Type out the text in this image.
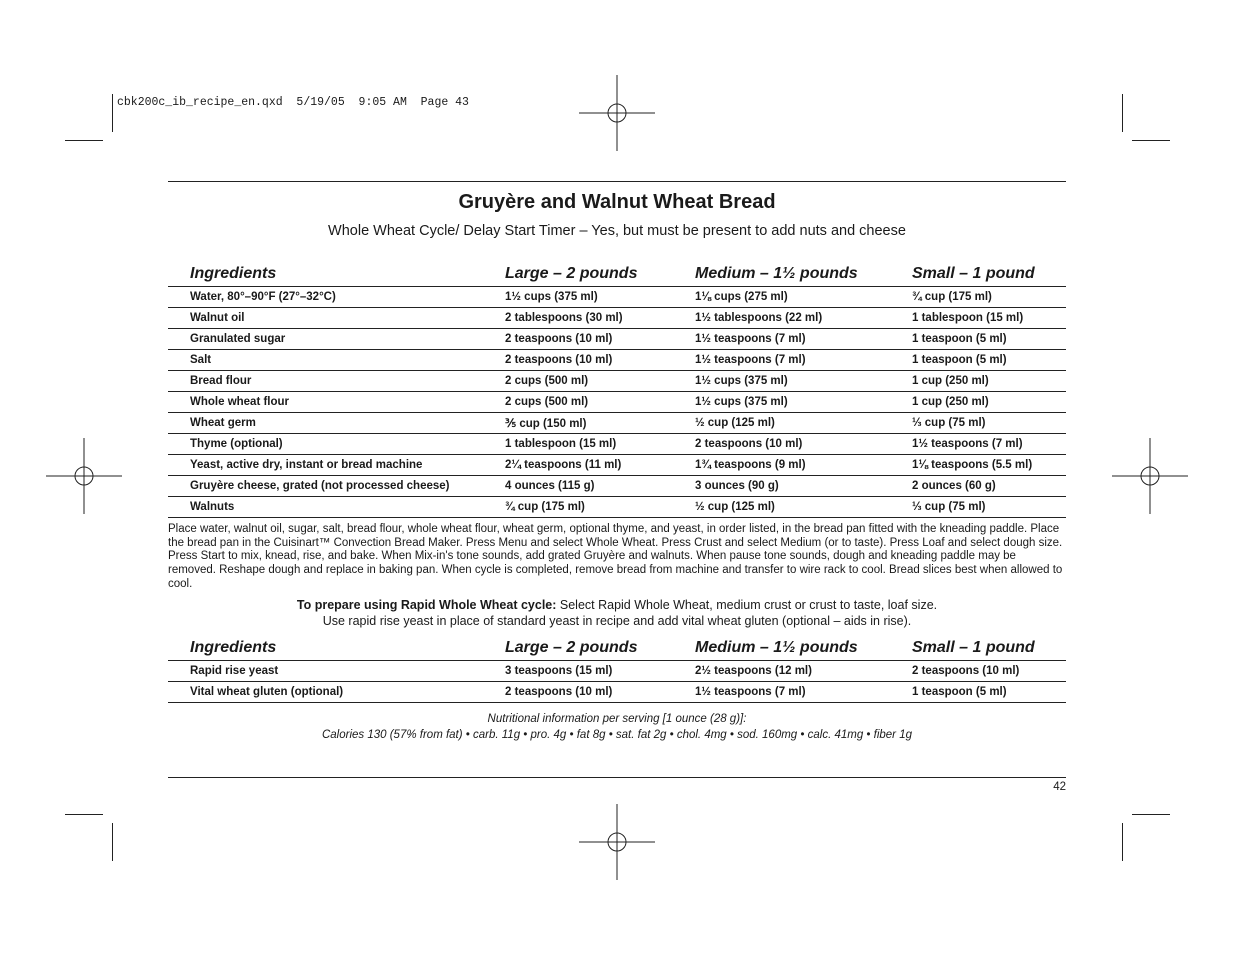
cbk200c_ib_recipe_en.qxd  5/19/05  9:05 AM  Page 43
Gruyère and Walnut Wheat Bread
Whole Wheat Cycle/ Delay Start Timer – Yes, but must be present to add nuts and cheese
Ingredients	Large – 2 pounds	Medium – 1½ pounds	Small – 1 pound
Water, 80°–90°F (27°–32°C)	1½ cups (375 ml)	1⅛ cups (275 ml)	¾ cup (175 ml)
Walnut oil	2 tablespoons (30 ml)	1½ tablespoons (22 ml)	1 tablespoon (15 ml)
Granulated sugar	2 teaspoons (10 ml)	1½ teaspoons (7 ml)	1 teaspoon (5 ml)
Salt	2 teaspoons (10 ml)	1½ teaspoons (7 ml)	1 teaspoon (5 ml)
Bread flour	2 cups (500 ml)	1½ cups (375 ml)	1 cup (250 ml)
Whole wheat flour	2 cups (500 ml)	1½ cups (375 ml)	1 cup (250 ml)
Wheat germ	⅗ cup (150 ml)	½ cup (125 ml)	⅓ cup (75 ml)
Thyme (optional)	1 tablespoon (15 ml)	2 teaspoons (10 ml)	1½ teaspoons (7 ml)
Yeast, active dry, instant or bread machine	2¼ teaspoons (11 ml)	1¾ teaspoons (9 ml)	1⅛ teaspoons (5.5 ml)
Gruyère cheese, grated (not processed cheese)	4 ounces (115 g)	3 ounces (90 g)	2 ounces (60 g)
Walnuts	¾ cup (175 ml)	½ cup (125 ml)	⅓ cup (75 ml)
Place water, walnut oil, sugar, salt, bread flour, whole wheat flour, wheat germ, optional thyme, and yeast, in order listed, in the bread pan fitted with the kneading paddle. Place the bread pan in the Cuisinart™ Convection Bread Maker. Press Menu and select Whole Wheat. Press Crust and select Medium (or to taste). Press Loaf and select dough size. Press Start to mix, knead, rise, and bake. When Mix-in's tone sounds, add grated Gruyère and walnuts. When pause tone sounds, dough and kneading paddle may be removed. Reshape dough and replace in baking pan. When cycle is completed, remove bread from machine and transfer to wire rack to cool. Bread slices best when allowed to cool.
To prepare using Rapid Whole Wheat cycle: Select Rapid Whole Wheat, medium crust or crust to taste, loaf size.
Use rapid rise yeast in place of standard yeast in recipe and add vital wheat gluten (optional – aids in rise).
Ingredients	Large – 2 pounds	Medium – 1½ pounds	Small – 1 pound
Rapid rise yeast	3 teaspoons (15 ml)	2½ teaspoons (12 ml)	2 teaspoons (10 ml)
Vital wheat gluten (optional)	2 teaspoons (10 ml)	1½ teaspoons (7 ml)	1 teaspoon (5 ml)
Nutritional information per serving [1 ounce (28 g)]:
Calories 130 (57% from fat) • carb. 11g • pro. 4g • fat 8g • sat. fat 2g • chol. 4mg • sod. 160mg • calc. 41mg • fiber 1g
42
